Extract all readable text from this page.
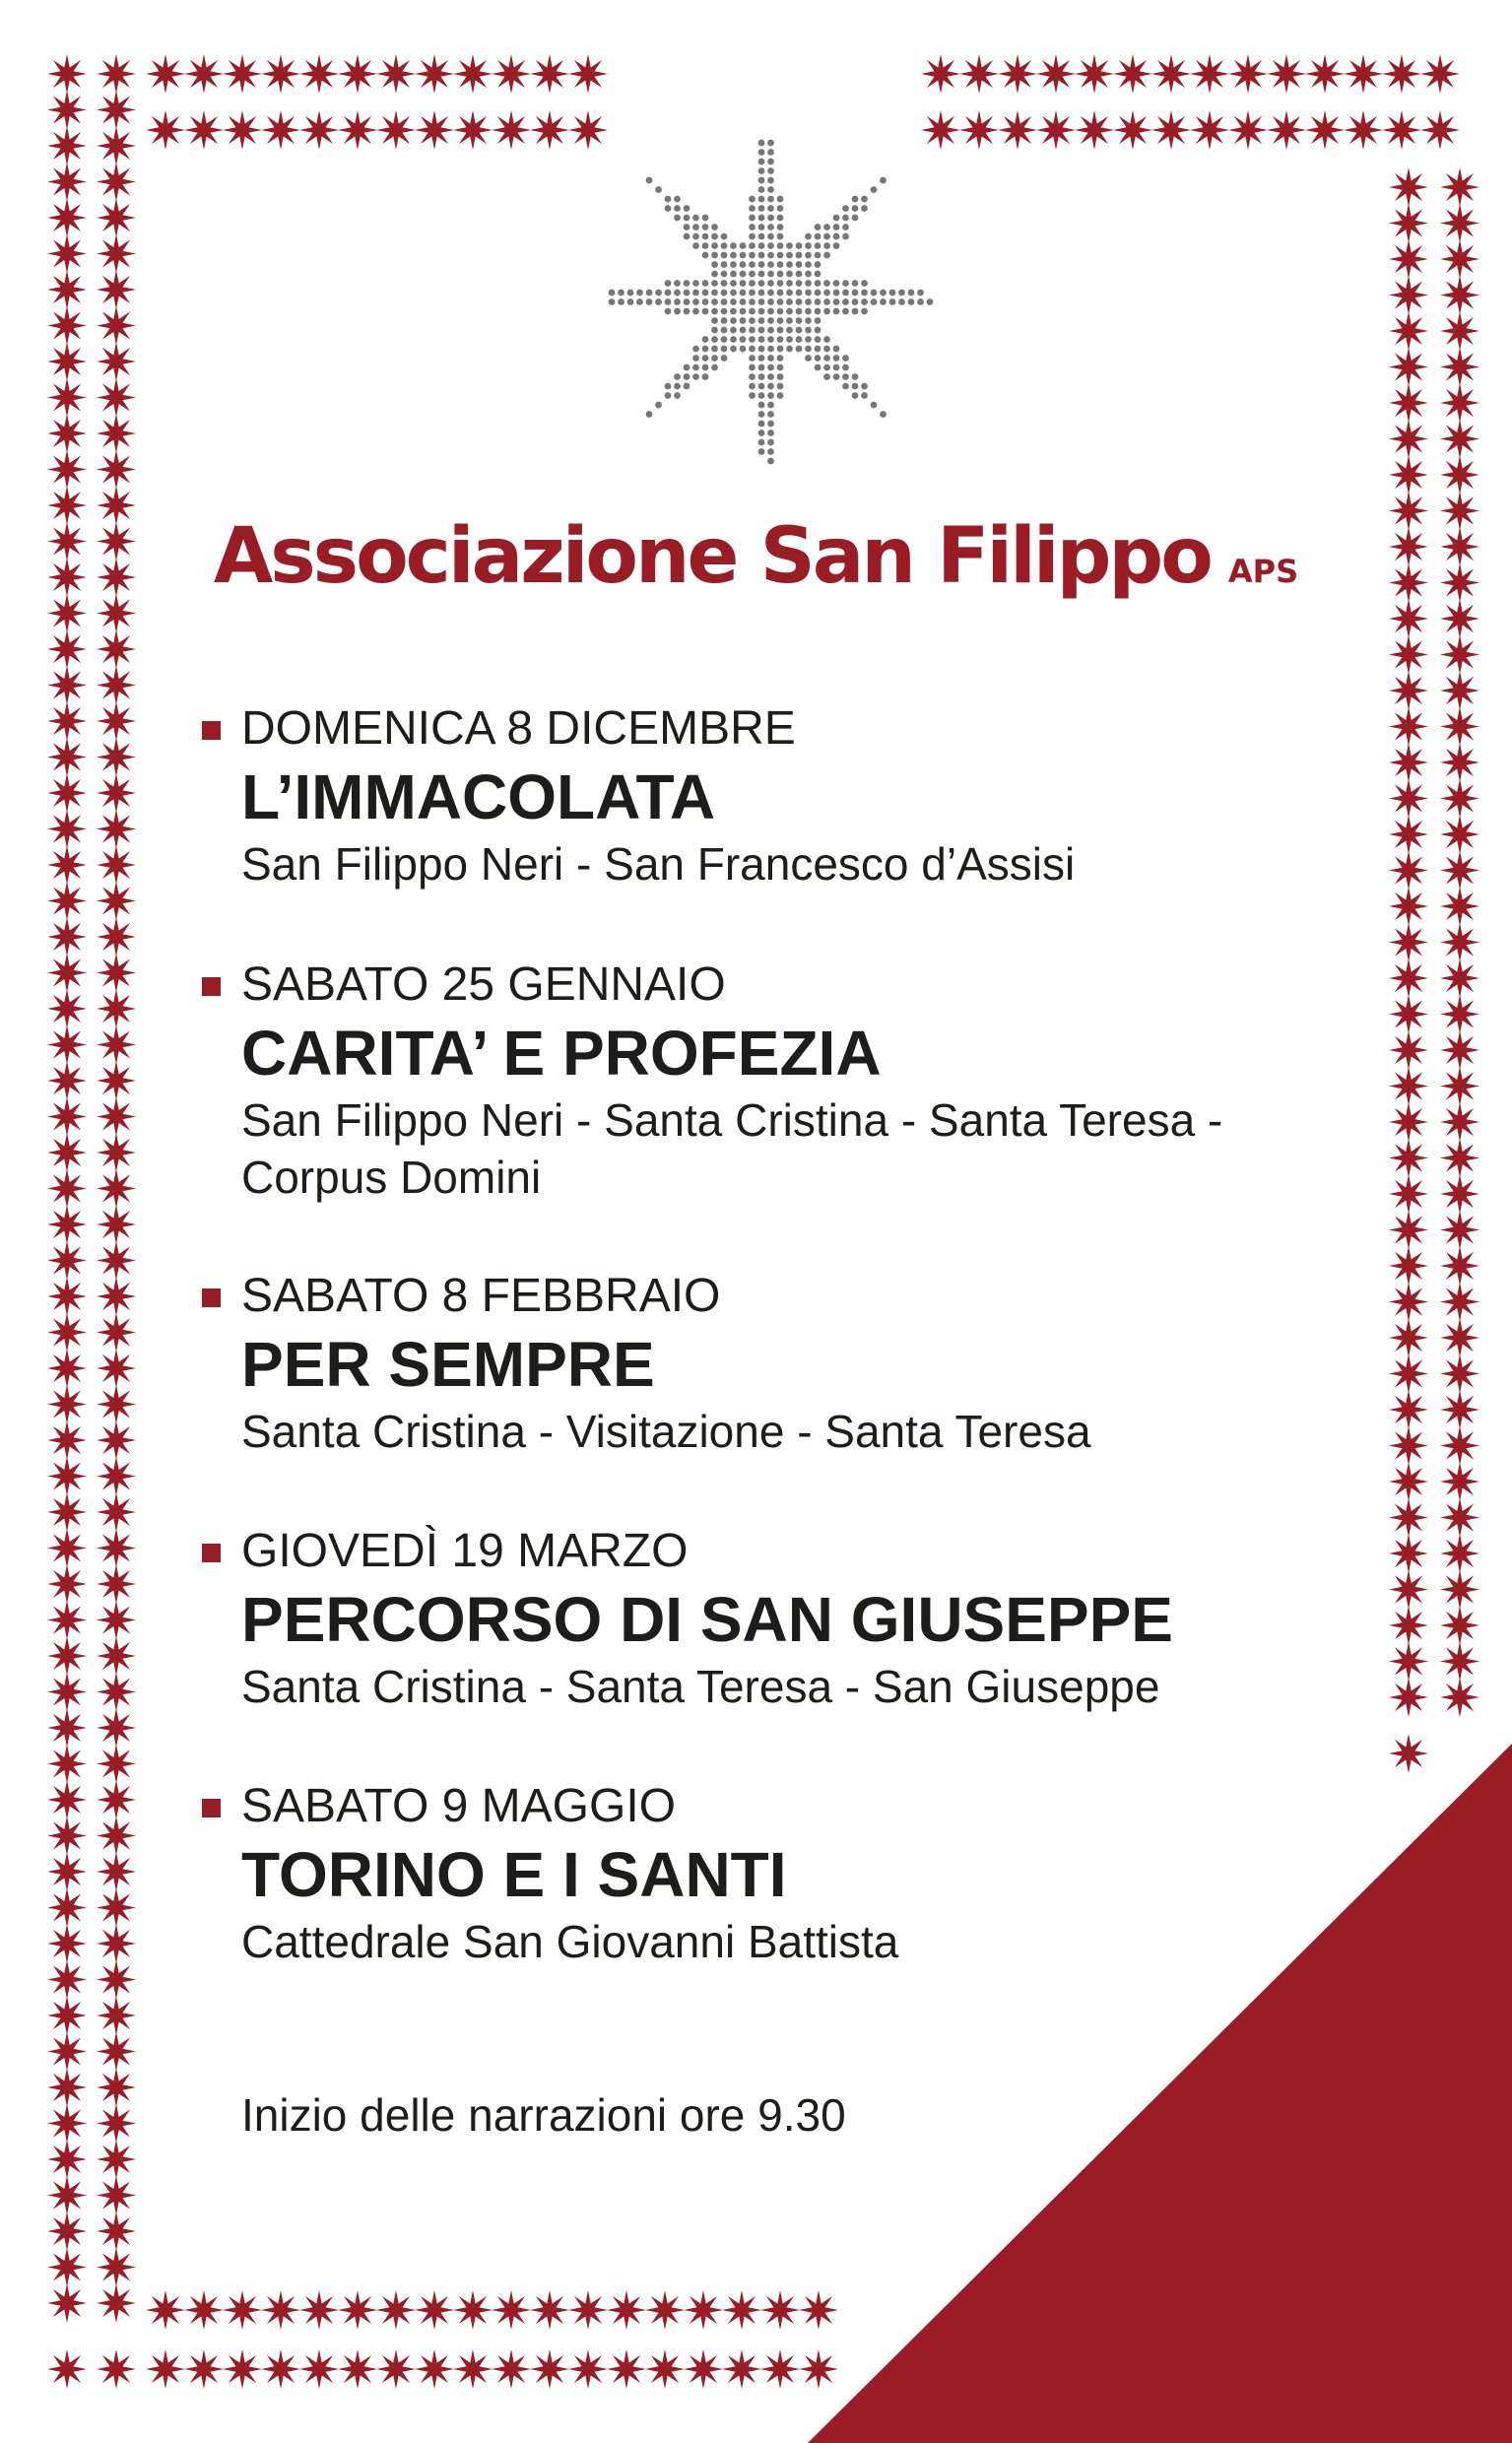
Associazione San Filippo APS
DOMENICA 8 DICEMBRE
L’IMMACOLATA
San Filippo Neri - San Francesco d’Assisi
SABATO 25 GENNAIO
CARITA’ E PROFEZIA
San Filippo Neri - Santa Cristina - Santa Teresa - Corpus Domini
SABATO 8 FEBBRAIO
PER SEMPRE
Santa Cristina - Visitazione - Santa Teresa
GIOVEDÌ 19 MARZO
PERCORSO DI SAN GIUSEPPE
Santa Cristina - Santa Teresa - San Giuseppe
SABATO 9 MAGGIO
TORINO E I SANTI
Cattedrale San Giovanni Battista
Inizio delle narrazioni ore 9.30
